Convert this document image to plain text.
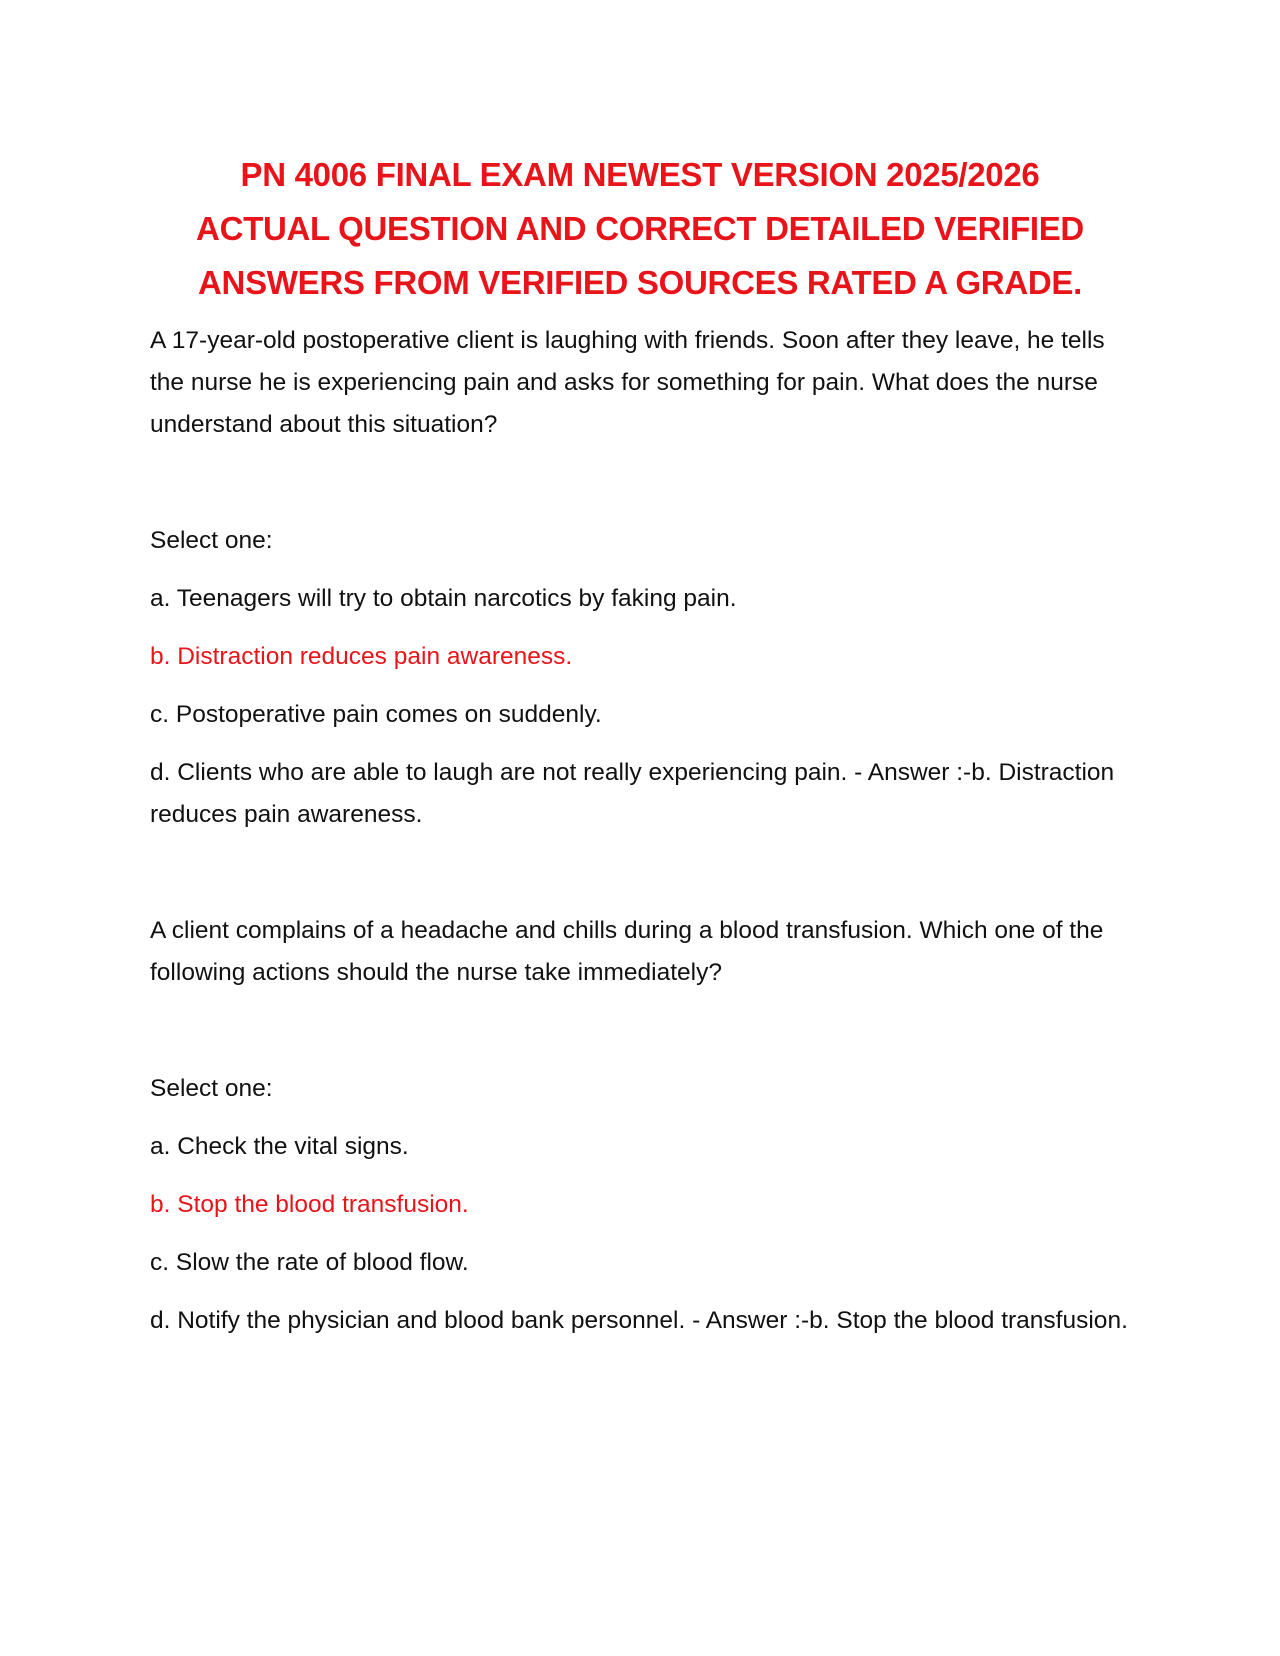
PN 4006 FINAL EXAM NEWEST VERSION 2025/2026
ACTUAL QUESTION AND CORRECT DETAILED VERIFIED
ANSWERS FROM VERIFIED SOURCES RATED A GRADE.

A 17-year-old postoperative client is laughing with friends. Soon after they leave, he tells the nurse he is experiencing pain and asks for something for pain. What does the nurse understand about this situation?

Select one:

a. Teenagers will try to obtain narcotics by faking pain.

b. Distraction reduces pain awareness.

c. Postoperative pain comes on suddenly.

d. Clients who are able to laugh are not really experiencing pain. - Answer :-b. Distraction reduces pain awareness.

A client complains of a headache and chills during a blood transfusion. Which one of the following actions should the nurse take immediately?

Select one:

a. Check the vital signs.

b. Stop the blood transfusion.

c. Slow the rate of blood flow.

d. Notify the physician and blood bank personnel. - Answer :-b. Stop the blood transfusion.
